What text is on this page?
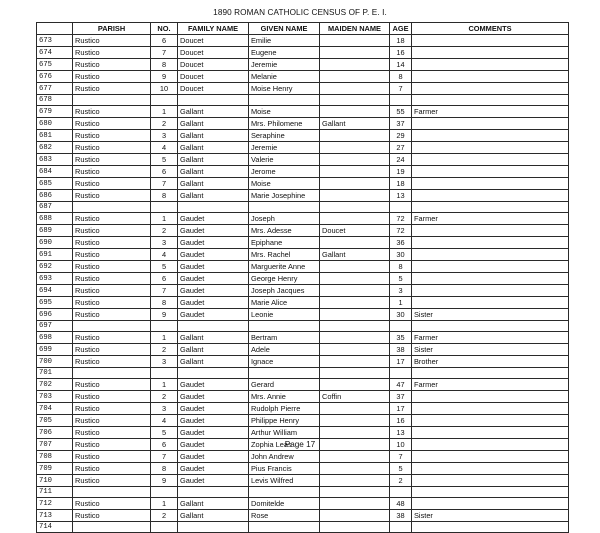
1890 ROMAN CATHOLIC CENSUS OF P. E. I.
	PARISH	NO.	FAMILY NAME	GIVEN NAME	MAIDEN NAME	AGE	COMMENTS
673	Rustico	6	Doucet	Emilie		18	
674	Rustico	7	Doucet	Eugene		16	
675	Rustico	8	Doucet	Jeremie		14	
676	Rustico	9	Doucet	Melanie		8	
677	Rustico	10	Doucet	Moise Henry		7	
678							
679	Rustico	1	Gallant	Moise		55	Farmer
680	Rustico	2	Gallant	Mrs. Philomene	Gallant	37	
681	Rustico	3	Gallant	Seraphine		29	
682	Rustico	4	Gallant	Jeremie		27	
683	Rustico	5	Gallant	Valerie		24	
684	Rustico	6	Gallant	Jerome		19	
685	Rustico	7	Gallant	Moise		18	
686	Rustico	8	Gallant	Marie Josephine		13	
687							
688	Rustico	1	Gaudet	Joseph		72	Farmer
689	Rustico	2	Gaudet	Mrs. Adesse	Doucet	72	
690	Rustico	3	Gaudet	Epiphane		36	
691	Rustico	4	Gaudet	Mrs. Rachel	Gallant	30	
692	Rustico	5	Gaudet	Marguerite Anne		8	
693	Rustico	6	Gaudet	George Henry		5	
694	Rustico	7	Gaudet	Joseph Jacques		3	
695	Rustico	8	Gaudet	Marie Alice		1	
696	Rustico	9	Gaudet	Leonie		30	Sister
697							
698	Rustico	1	Gallant	Bertram		35	Farmer
699	Rustico	2	Gallant	Adele		38	Sister
700	Rustico	3	Gallant	Ignace		17	Brother
701							
702	Rustico	1	Gaudet	Gerard		47	Farmer
703	Rustico	2	Gaudet	Mrs. Annie	Coffin	37	
704	Rustico	3	Gaudet	Rudolph Pierre		17	
705	Rustico	4	Gaudet	Philippe Henry		16	
706	Rustico	5	Gaudet	Arthur William		13	
707	Rustico	6	Gaudet	Zophia Leas		10	
708	Rustico	7	Gaudet	John Andrew		7	
709	Rustico	8	Gaudet	Pius Francis		5	
710	Rustico	9	Gaudet	Levis Wilfred		2	
711							
712	Rustico	1	Gallant	Domitelde		48	
713	Rustico	2	Gallant	Rose		38	Sister
714							
Page 17
